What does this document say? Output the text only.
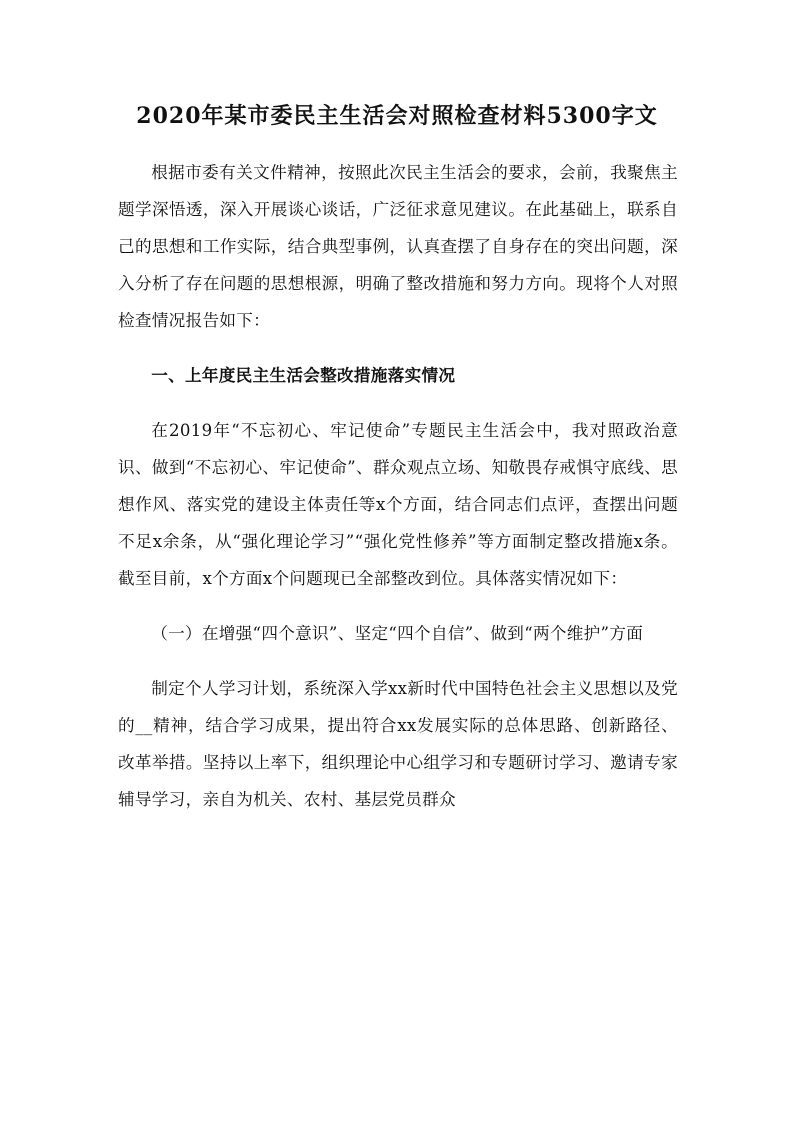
2020年某市委民主生活会对照检查材料5300字文

根据市委有关文件精神，按照此次民主生活会的要求，会前，我聚焦主题学深悟透，深入开展谈心谈话，广泛征求意见建议。在此基础上，联系自己的思想和工作实际，结合典型事例，认真查摆了自身存在的突出问题，深入分析了存在问题的思想根源，明确了整改措施和努力方向。现将个人对照检查情况报告如下：

一、上年度民主生活会整改措施落实情况

在2019年“不忘初心、牢记使命”专题民主生活会中，我对照政治意识、做到“不忘初心、牢记使命”、群众观点立场、知敬畏存戒惧守底线、思想作风、落实党的建设主体责任等x个方面，结合同志们点评，查摆出问题不足x余条，从“强化理论学习”“强化党性修养”等方面制定整改措施x条。截至目前，x个方面x个问题现已全部整改到位。具体落实情况如下：

（一）在增强“四个意识”、坚定“四个自信”、做到“两个维护”方面

制定个人学习计划，系统深入学xx新时代中国特色社会主义思想以及党的__精神，结合学习成果，提出符合xx发展实际的总体思路、创新路径、改革举措。坚持以上率下，组织理论中心组学习和专题研讨学习、邀请专家辅导学习，亲自为机关、农村、基层党员群众
